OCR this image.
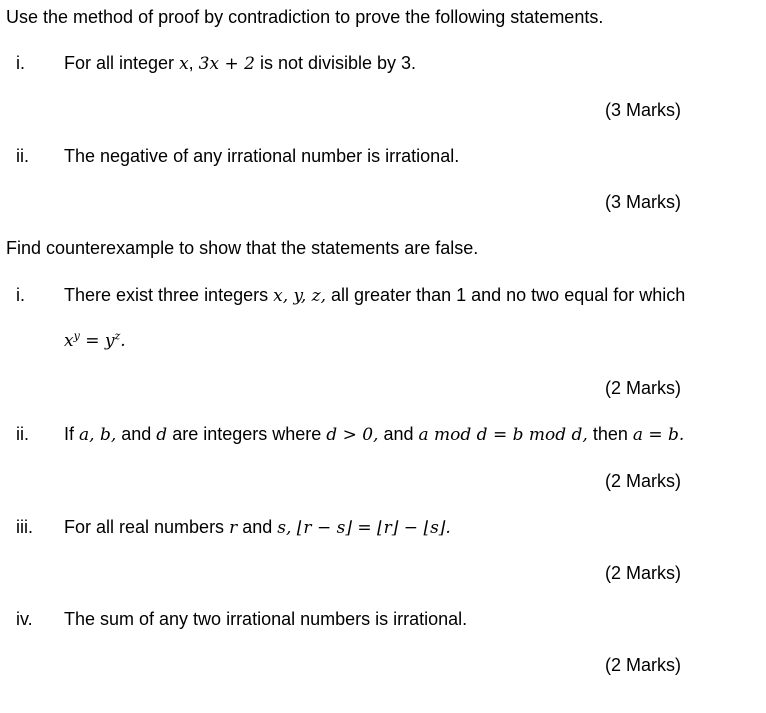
Use the method of proof by contradiction to prove the following statements.
i. For all integer x, 3x + 2 is not divisible by 3.
(3 Marks)
ii. The negative of any irrational number is irrational.
(3 Marks)
Find counterexample to show that the statements are false.
i. There exist three integers x, y, z, all greater than 1 and no two equal for which
$x^y = y^z$.
(2 Marks)
ii. If a, b, and d are integers where d > 0, and a mod d = b mod d, then a = b.
(2 Marks)
iii. For all real numbers r and s, ⌊r − s⌋ = ⌊r⌋ − ⌊s⌋.
(2 Marks)
iv. The sum of any two irrational numbers is irrational.
(2 Marks)
